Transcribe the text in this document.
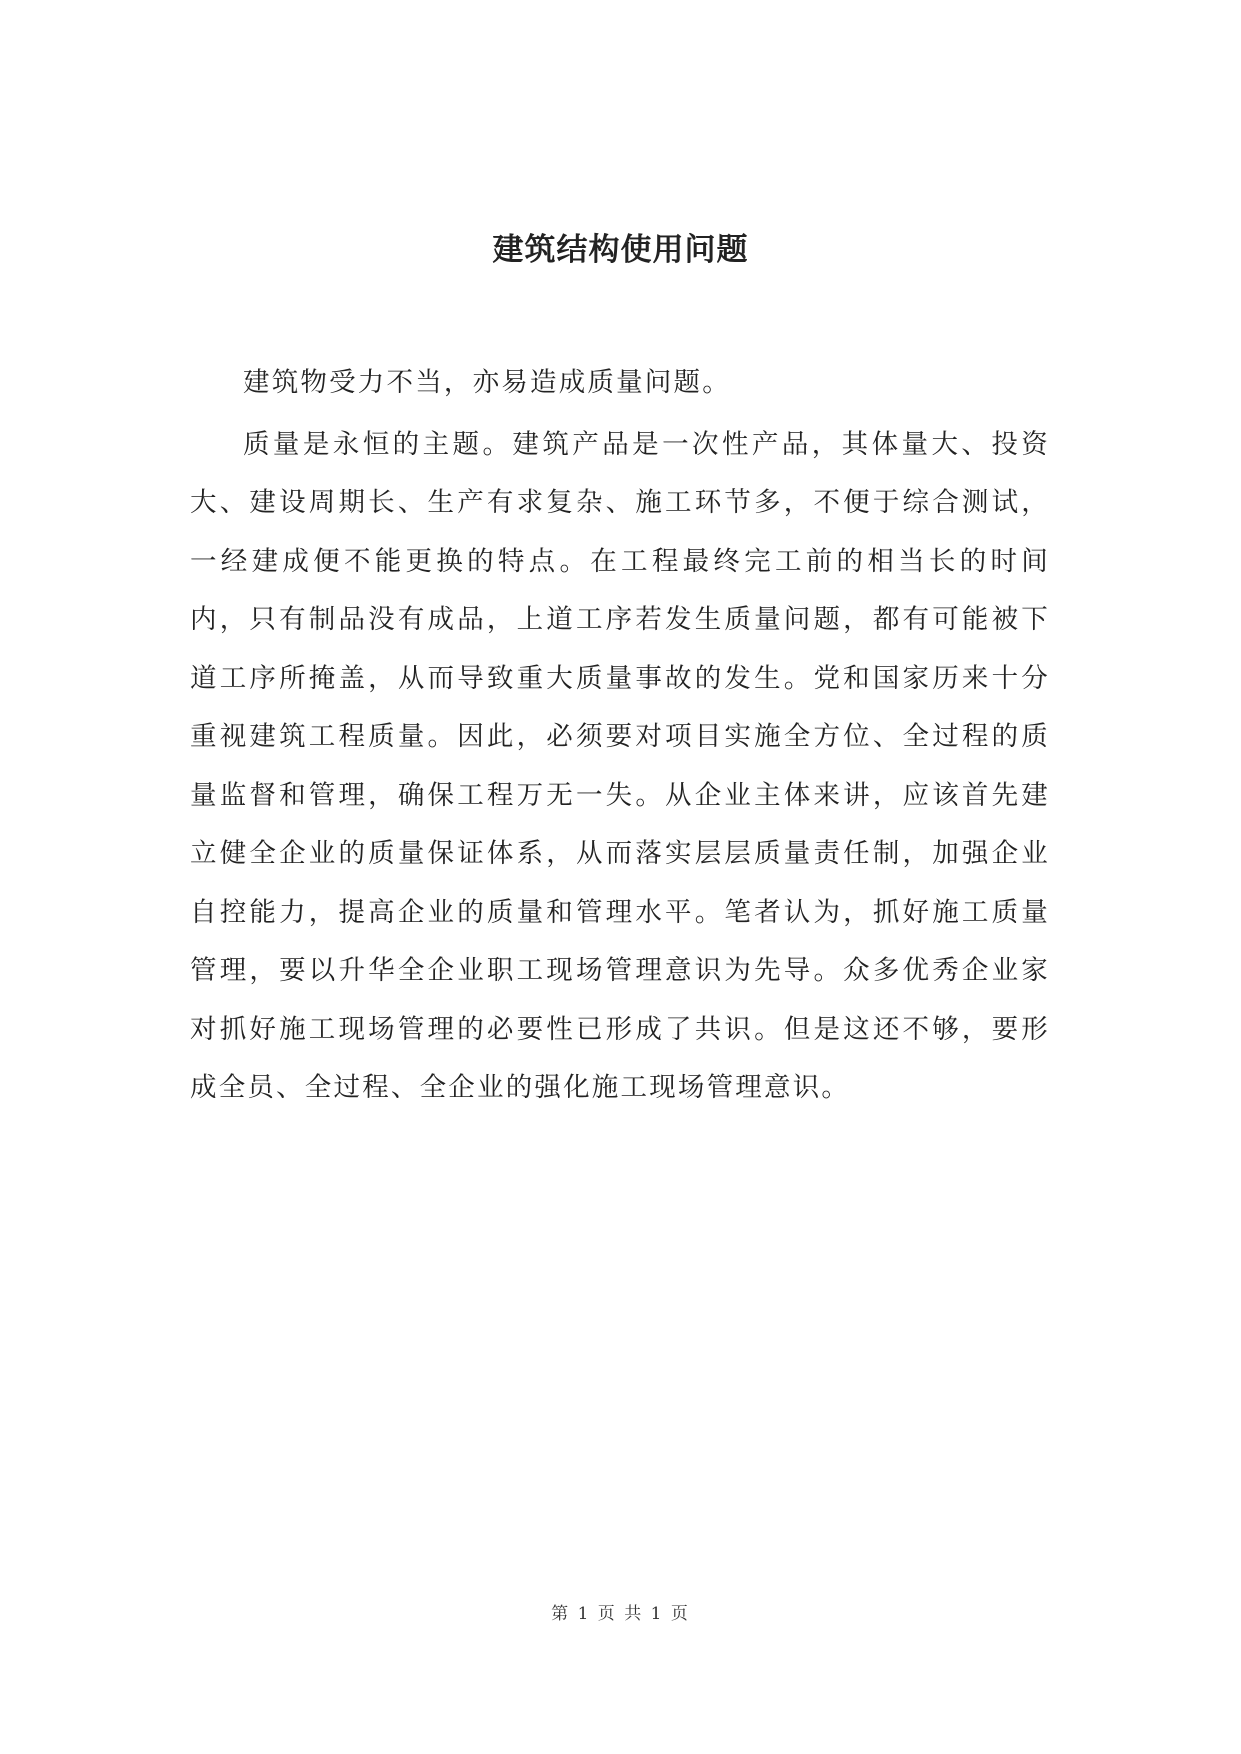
建筑结构使用问题

建筑物受力不当，亦易造成质量问题。

质量是永恒的主题。建筑产品是一次性产品，其体量大、投资大、建设周期长、生产有求复杂、施工环节多，不便于综合测试，一经建成便不能更换的特点。在工程最终完工前的相当长的时间内，只有制品没有成品，上道工序若发生质量问题，都有可能被下道工序所掩盖，从而导致重大质量事故的发生。党和国家历来十分重视建筑工程质量。因此，必须要对项目实施全方位、全过程的质量监督和管理，确保工程万无一失。从企业主体来讲，应该首先建立健全企业的质量保证体系，从而落实层层质量责任制，加强企业自控能力，提高企业的质量和管理水平。笔者认为，抓好施工质量管理，要以升华全企业职工现场管理意识为先导。众多优秀企业家对抓好施工现场管理的必要性已形成了共识。但是这还不够，要形成全员、全过程、全企业的强化施工现场管理意识。

第 1 页 共 1 页
